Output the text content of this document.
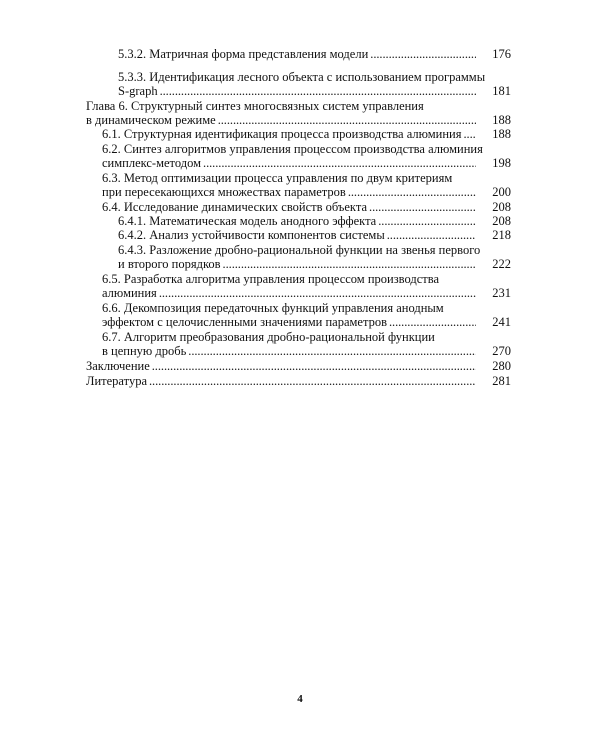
5.3.2. Матричная форма представления модели . . .	176
5.3.3. Идентификация лесного объекта с использованием программы
S-graph . . .	181
Глава 6. Структурный синтез многосвязных систем управления
в динамическом режиме . . .	188
6.1. Структурная идентификация процесса производства алюминия . . .	188
6.2. Синтез алгоритмов управления процессом производства алюминия
симплекс-методом . . .	198
6.3. Метод оптимизации процесса управления по двум критериям
при пересекающихся множествах параметров . . .	200
6.4. Исследование динамических свойств объекта . . .	208
6.4.1. Математическая модель анодного эффекта . . .	208
6.4.2. Анализ устойчивости компонентов системы . . .	218
6.4.3. Разложение дробно-рациональной функции на звенья первого
и второго порядков . . .	222
6.5. Разработка алгоритма управления процессом производства
алюминия . . .	231
6.6. Декомпозиция передаточных функций управления анодным
эффектом с целочисленными значениями параметров . . .	241
6.7. Алгоритм преобразования дробно-рациональной функции
в цепную дробь . . .	270
Заключение . . .	280
Литература . . .	281
4
